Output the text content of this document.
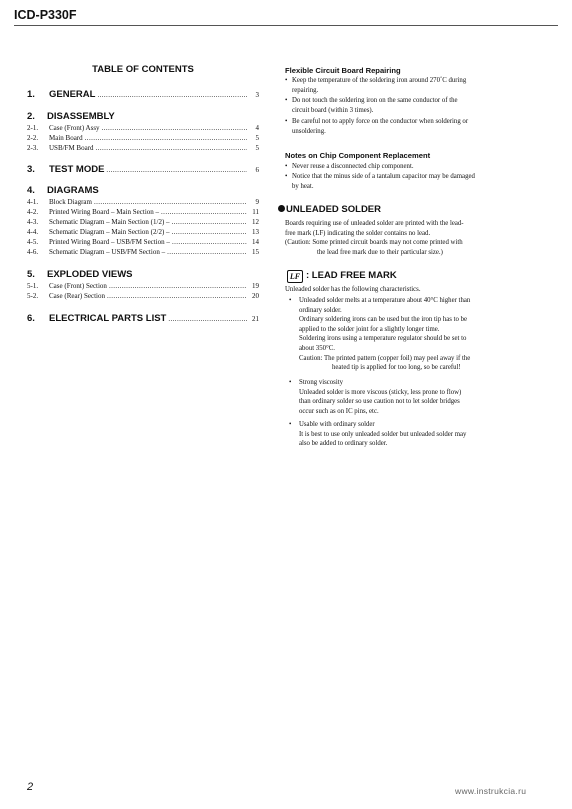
ICD-P330F
TABLE OF CONTENTS
1.	GENERAL .....	3
2. DISASSEMBLY
2-1.	Case (Front) Assy .....	4
2-2.	Main Board .....	5
2-3.	USB/FM Board .....	5
3.	TEST MODE .....	6
4. DIAGRAMS
4-1.	Block Diagram .....	9
4-2.	Printed Wiring Board – Main Section – .....	11
4-3.	Schematic Diagram – Main Section (1/2) – .....	12
4-4.	Schematic Diagram – Main Section (2/2) – .....	13
4-5.	Printed Wiring Board – USB/FM Section – .....	14
4-6.	Schematic Diagram – USB/FM Section – .....	15
5. EXPLODED VIEWS
5-1.	Case (Front) Section .....	19
5-2.	Case (Rear) Section .....	20
6.	ELECTRICAL PARTS LIST .....	21
Flexible Circuit Board Repairing
• Keep the temperature of the soldering iron around 270˚C during
repairing.
• Do not touch the soldering iron on the same conductor of the
circuit board (within 3 times).
• Be careful not to apply force on the conductor when soldering or
unsoldering.
Notes on Chip Component Replacement
• Never reuse a disconnected chip component.
• Notice that the minus side of a tantalum capacitor may be damaged
by heat.
UNLEADED SOLDER
Boards requiring use of unleaded solder are printed with the lead-
free mark (LF) indicating the solder contains no lead.
(Caution: Some printed circuit boards may not come printed with
the lead free mark due to their particular size.)
LF : LEAD FREE MARK
Unleaded solder has the following characteristics.
• Unleaded solder melts at a temperature about 40°C higher than
ordinary solder.
Ordinary soldering irons can be used but the iron tip has to be
applied to the solder joint for a slightly longer time.
Soldering irons using a temperature regulator should be set to
about 350°C.
Caution: The printed pattern (copper foil) may peel away if the
heated tip is applied for too long, so be careful!
• Strong viscosity
Unleaded solder is more viscous (sticky, less prone to flow)
than ordinary solder so use caution not to let solder bridges
occur such as on IC pins, etc.
• Usable with ordinary solder
It is best to use only unleaded solder but unleaded solder may
also be added to ordinary solder.
2	www.instrukcia.ru
